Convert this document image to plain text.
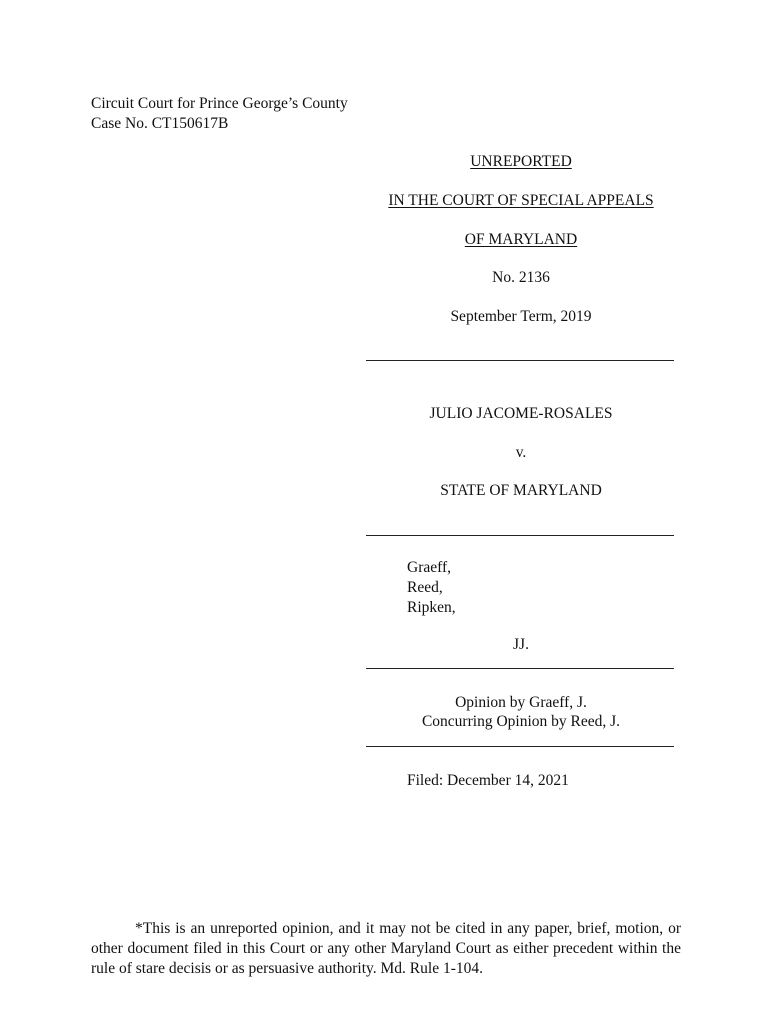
Circuit Court for Prince George’s County
Case No. CT150617B
UNREPORTED
IN THE COURT OF SPECIAL APPEALS
OF MARYLAND
No. 2136
September Term, 2019
JULIO JACOME-ROSALES
v.
STATE OF MARYLAND
Graeff,
Reed,
Ripken,
JJ.
Opinion by Graeff, J.
Concurring Opinion by Reed, J.
Filed: December 14, 2021

*This is an unreported opinion, and it may not be cited in any paper, brief, motion, or other document filed in this Court or any other Maryland Court as either precedent within the rule of stare decisis or as persuasive authority. Md. Rule 1-104.
